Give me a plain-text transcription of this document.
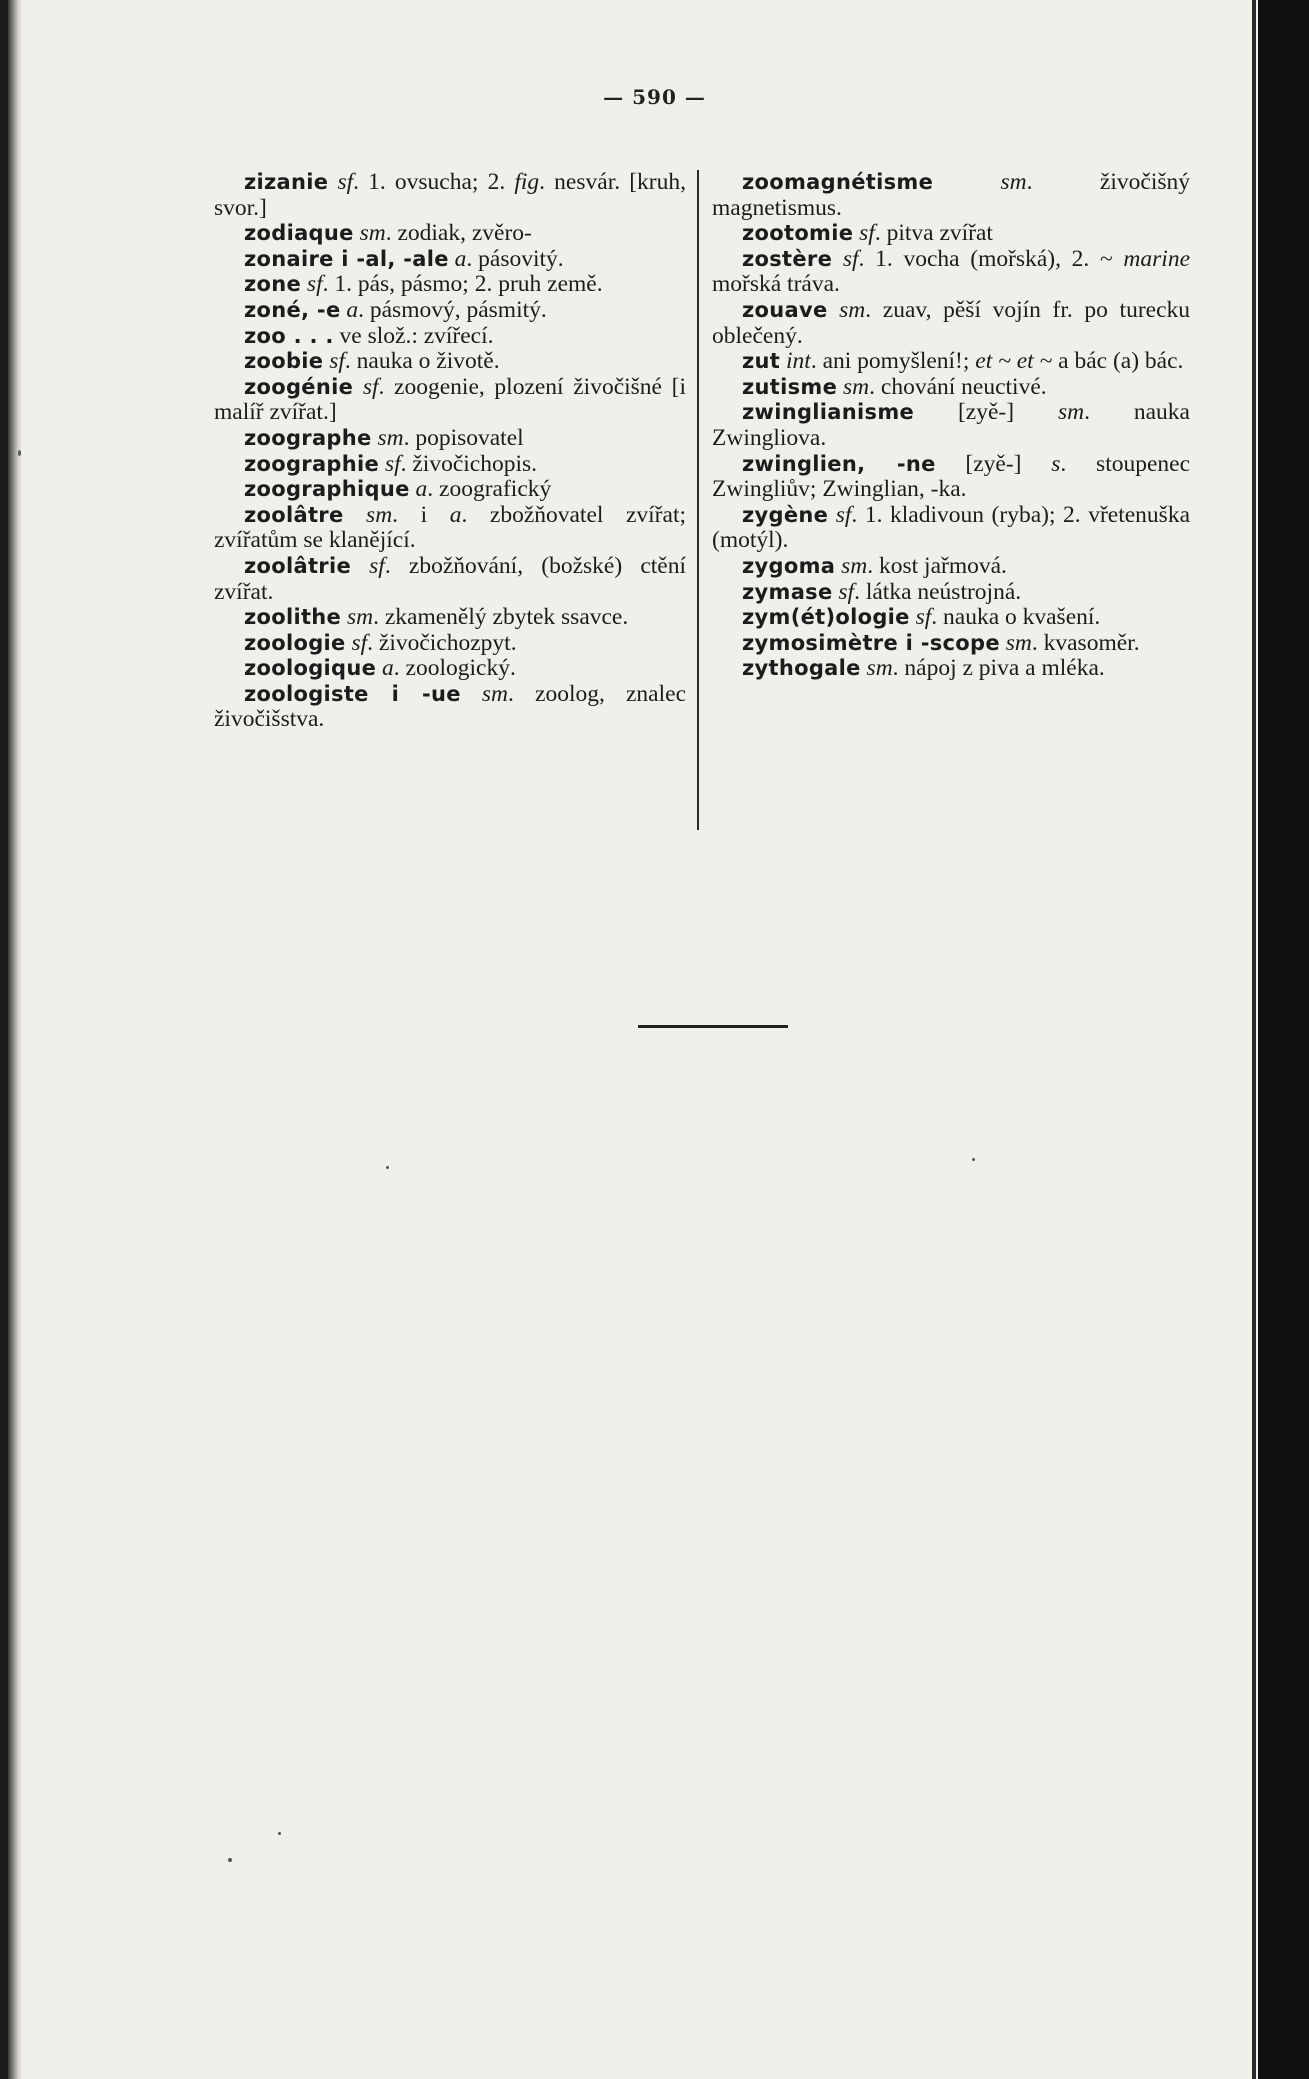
— 590 —

zizanie sf. 1. ovsucha; 2. fig. nesvár. [kruh, svor.]

zodiaque sm. zodiak, zvěro-

zonaire i -al, -ale a. pásovitý.

zone sf. 1. pás, pásmo; 2. pruh země.

zoné, -e a. pásmový, pásmitý.

zoo . . . ve slož.: zvířecí.

zoobie sf. nauka o životě.

zoogénie sf. zoogenie, plození živočišné [i malíř zvířat.]

zoographe sm. popisovatel

zoographie sf. živočichopis.

zoographique a. zoografický

zoolâtre sm. i a. zbožňovatel zvířat; zvířatům se klanějící.

zoolâtrie sf. zbožňování, (božské) ctění zvířat.

zoolithe sm. zkamenělý zbytek ssavce.

zoologie sf. živočichozpyt.

zoologique a. zoologický.

zoologiste i -ue sm. zoolog, znalec živočišstva.

zoomagnétisme	sm. živočišný magnetismus.

zootomie sf. pitva zvířat

zostère sf. 1. vocha (mořská), 2. ~ marine mořská tráva.

zouave sm. zuav, pěší vojín fr. po turecku oblečený.

zut int. ani pomyšlení!; et ~ et ~ a bác (a) bác.

zutisme sm. chování neuctivé.

zwinglianisme [zyě-] sm. nauka Zwingliova.

zwinglien, -ne [zyě-] s. stoupenec Zwingliův; Zwinglian, -ka.

zygène sf. 1. kladivoun (ryba); 2. vřetenuška (motýl).

zygoma sm. kost jařmová.

zymase sf. látka neústrojná.

zym(ét)ologie sf. nauka o kvašení.

zymosimètre i -scope sm. kvasoměr.

zythogale sm. nápoj z piva a mléka.
